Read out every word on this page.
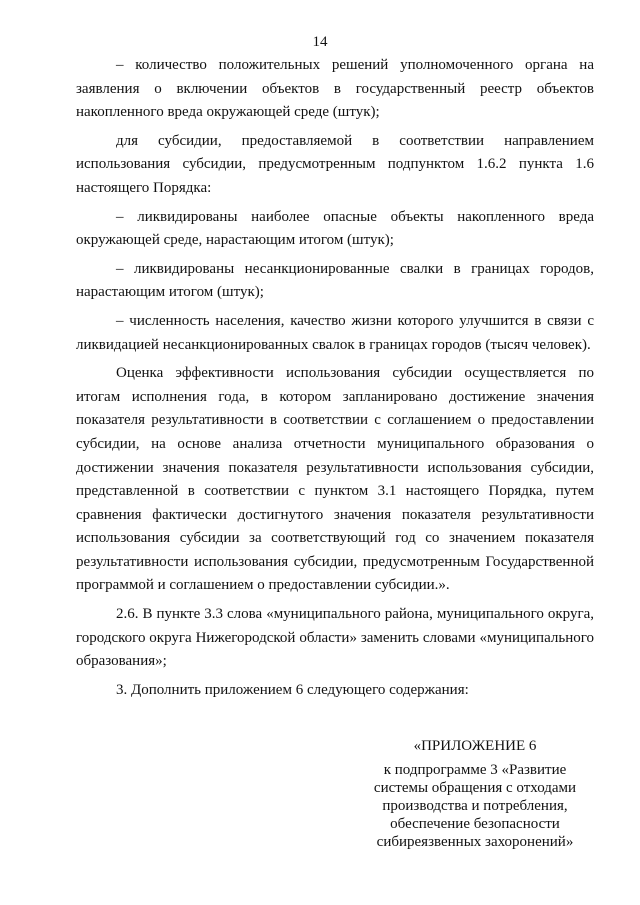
14

– количество положительных решений уполномоченного органа на заявления о включении объектов в государственный реестр объектов накопленного вреда окружающей среде (штук);

для субсидии, предоставляемой в соответствии направлением использования субсидии, предусмотренным подпунктом 1.6.2 пункта 1.6 настоящего Порядка:

– ликвидированы наиболее опасные объекты накопленного вреда окружающей среде, нарастающим итогом (штук);

– ликвидированы несанкционированные свалки в границах городов, нарастающим итогом (штук);

– численность населения, качество жизни которого улучшится в связи с ликвидацией несанкционированных свалок в границах городов (тысяч человек).

Оценка эффективности использования субсидии осуществляется по итогам исполнения года, в котором запланировано достижение значения показателя результативности в соответствии с соглашением о предоставлении субсидии, на основе анализа отчетности муниципального образования о достижении значения показателя результативности использования субсидии, представленной в соответствии с пунктом 3.1 настоящего Порядка, путем сравнения фактически достигнутого значения показателя результативности использования субсидии за соответствующий год со значением показателя результативности использования субсидии, предусмотренным Государственной программой и соглашением о предоставлении субсидии.».

2.6. В пункте 3.3 слова «муниципального района, муниципального округа, городского округа Нижегородской области» заменить словами «муниципального образования»;

3. Дополнить приложением 6 следующего содержания:

«ПРИЛОЖЕНИЕ 6
к подпрограмме 3 «Развитие
системы обращения с отходами
производства и потребления,
обеспечение безопасности
сибиреязвенных захоронений»
